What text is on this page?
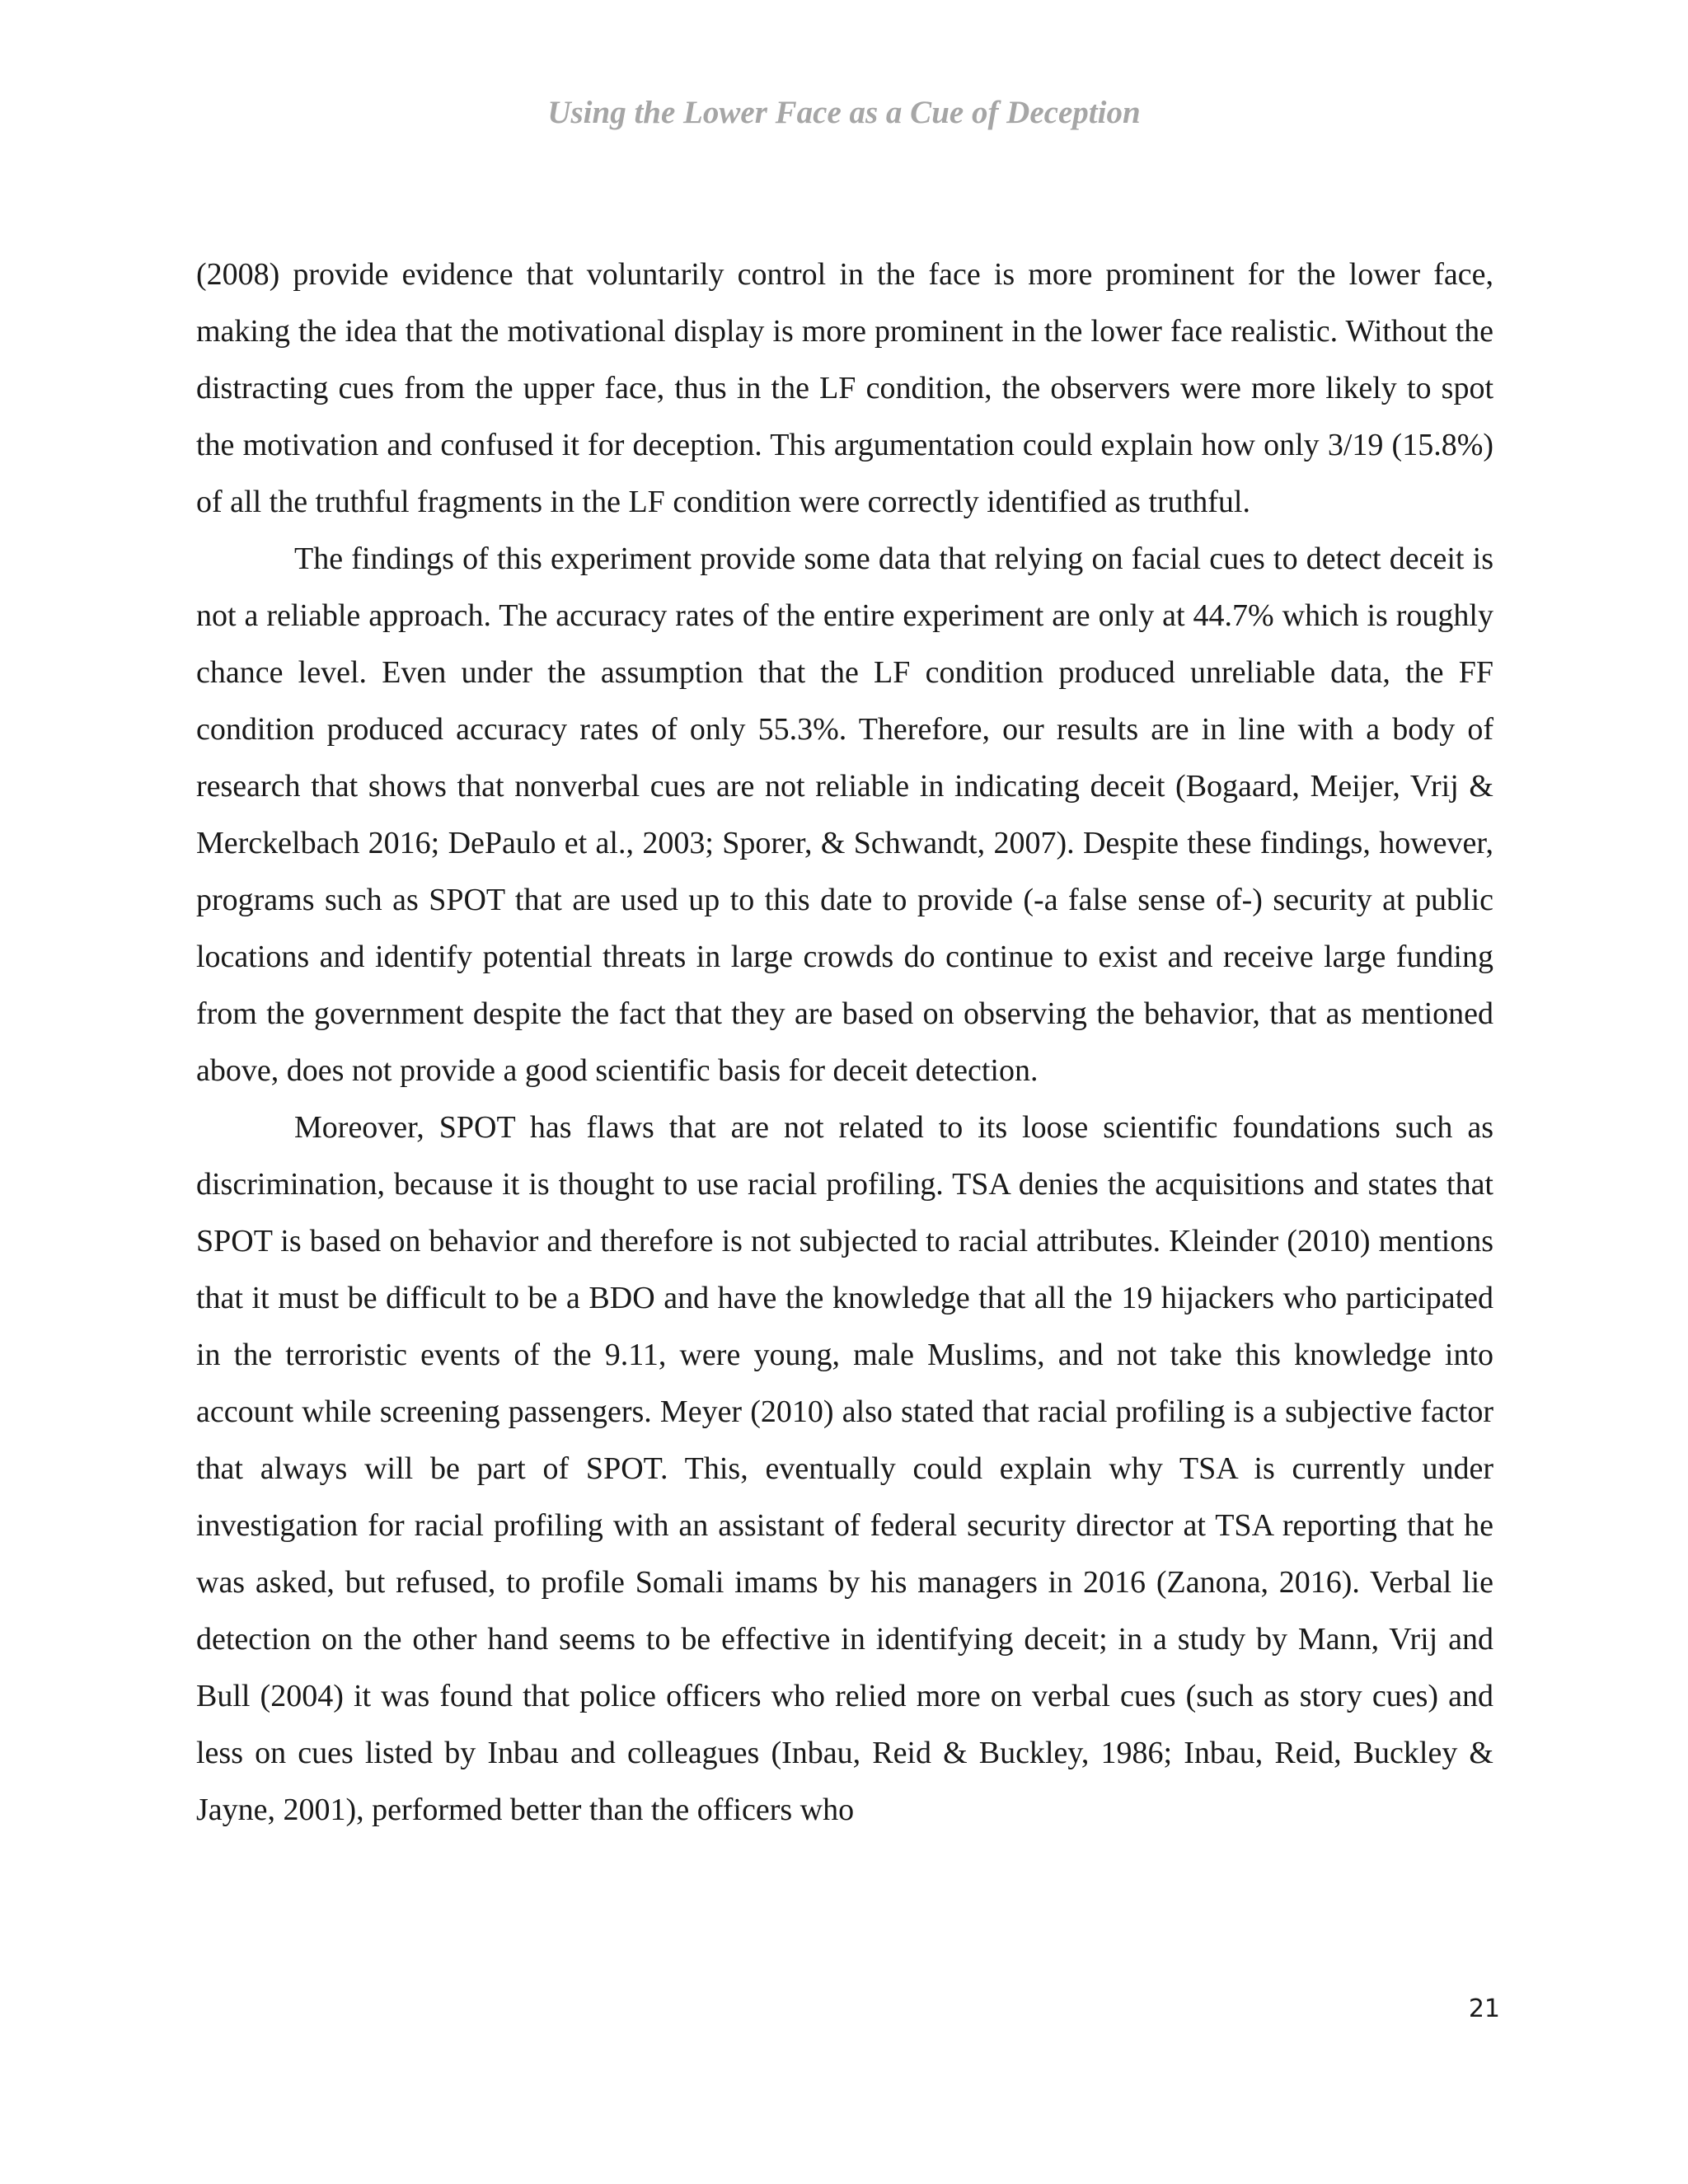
Using the Lower Face as a Cue of Deception

(2008) provide evidence that voluntarily control in the face is more prominent for the lower face, making the idea that the motivational display is more prominent in the lower face realistic. Without the distracting cues from the upper face, thus in the LF condition, the observers were more likely to spot the motivation and confused it for deception. This argumentation could explain how only 3/19 (15.8%) of all the truthful fragments in the LF condition were correctly identified as truthful.

The findings of this experiment provide some data that relying on facial cues to detect deceit is not a reliable approach. The accuracy rates of the entire experiment are only at 44.7% which is roughly chance level. Even under the assumption that the LF condition produced unreliable data, the FF condition produced accuracy rates of only 55.3%. Therefore, our results are in line with a body of research that shows that nonverbal cues are not reliable in indicating deceit (Bogaard, Meijer, Vrij & Merckelbach 2016; DePaulo et al., 2003; Sporer, & Schwandt, 2007). Despite these findings, however, programs such as SPOT that are used up to this date to provide (-a false sense of-) security at public locations and identify potential threats in large crowds do continue to exist and receive large funding from the government despite the fact that they are based on observing the behavior, that as mentioned above, does not provide a good scientific basis for deceit detection.

Moreover, SPOT has flaws that are not related to its loose scientific foundations such as discrimination, because it is thought to use racial profiling. TSA denies the acquisitions and states that SPOT is based on behavior and therefore is not subjected to racial attributes. Kleinder (2010) mentions that it must be difficult to be a BDO and have the knowledge that all the 19 hijackers who participated in the terroristic events of the 9.11, were young, male Muslims, and not take this knowledge into account while screening passengers. Meyer (2010) also stated that racial profiling is a subjective factor that always will be part of SPOT. This, eventually could explain why TSA is currently under investigation for racial profiling with an assistant of federal security director at TSA reporting that he was asked, but refused, to profile Somali imams by his managers in 2016 (Zanona, 2016). Verbal lie detection on the other hand seems to be effective in identifying deceit; in a study by Mann, Vrij and Bull (2004) it was found that police officers who relied more on verbal cues (such as story cues) and less on cues listed by Inbau and colleagues (Inbau, Reid & Buckley, 1986; Inbau, Reid, Buckley & Jayne, 2001), performed better than the officers who

21
